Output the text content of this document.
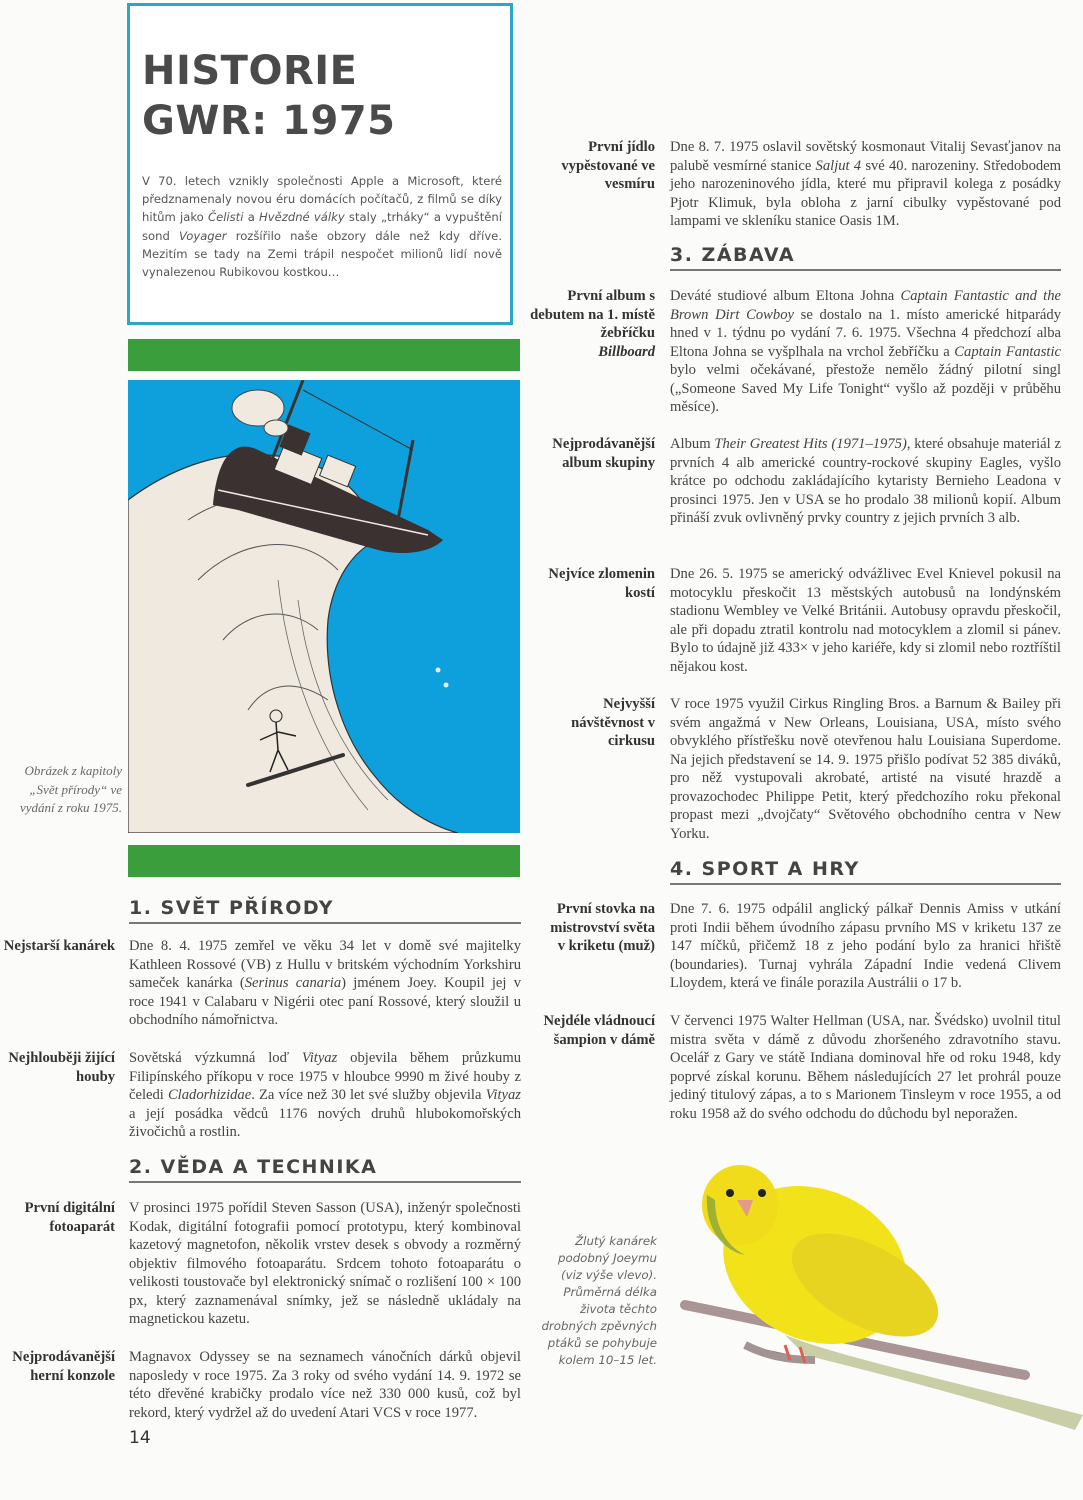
HISTORIE
GWR: 1975

V 70. letech vznikly společnosti Apple a Microsoft, které předznamenaly novou éru domácích počítačů, z filmů se díky hitům jako Čelisti a Hvězdné války staly „trháky“ a vypuštění sond Voyager rozšířilo naše obzory dále než kdy dříve. Mezitím se tady na Zemi trápil nespočet milionů lidí nově vynalezenou Rubikovou kostkou…

Obrázek z kapitoly „Svět přírody“ ve vydání z roku 1975.
1. SVĚT PŘÍRODY
Nejstarší kanárek Dne 8. 4. 1975 zemřel ve věku 34 let v domě své majitelky Kathleen Rossové (VB) z Hullu v britském východním Yorkshiru sameček kanárka (Serinus canaria) jménem Joey. Koupil jej v roce 1941 v Calabaru v Nigérii otec paní Rossové, který sloužil u obchodního námořnictva.
Nejhlouběji žijící houby
Sovětská výzkumná loď Vityaz objevila během průzkumu Filipínského příkopu v roce 1975 v hloubce 9990 m živé houby z čeledi Cladorhizidae. Za více než 30 let své služby objevila Vityaz a její posádka vědců 1176 nových druhů hlubokomořských živočichů a rostlin.
2. VĚDA A TECHNIKA
První digitální fotoaparát
V prosinci 1975 pořídil Steven Sasson (USA), inženýr společnosti Kodak, digitální fotografii pomocí prototypu, který kombinoval kazetový magnetofon, několik vrstev desek s obvody a rozměrný objektiv filmového fotoaparátu. Srdcem tohoto fotoaparátu o velikosti toustovače byl elektronický snímač o rozlišení 100 × 100 px, který zaznamenával snímky, jež se následně ukládaly na magnetickou kazetu.
Nejprodávanější herní konzole
Magnavox Odyssey se na seznamech vánočních dárků objevil naposledy v roce 1975. Za 3 roky od svého vydání 14. 9. 1972 se této dřevěné krabičky prodalo více než 330 000 kusů, což byl rekord, který vydržel až do uvedení Atari VCS v roce 1977.
14
První jídlo vypěstované ve vesmíru
Dne 8. 7. 1975 oslavil sovětský kosmonaut Vitalij Sevasťjanov na palubě vesmírné stanice Saljut 4 své 40. narozeniny. Středobodem jeho narozeninového jídla, které mu připravil kolega z posádky Pjotr Klimuk, byla obloha z jarní cibulky vypěstované pod lampami ve skleníku stanice Oasis 1M.
3. ZÁBAVA
První album s debutem na 1. místě žebříčku
Billboard
Deváté studiové album Eltona Johna Captain Fantastic and the Brown Dirt Cowboy se dostalo na 1. místo americké hitparády hned v 1. týdnu po vydání 7. 6. 1975. Všechna 4 předchozí alba Eltona Johna se vyšplhala na vrchol žebříčku a Captain Fantastic bylo velmi očekávané, přestože nemělo žádný pilotní singl („Someone Saved My Life Tonight“ vyšlo až později v průběhu měsíce).
Nejprodávanější album skupiny
Album Their Greatest Hits (1971–1975), které obsahuje materiál z prvních 4 alb americké country-rockové skupiny Eagles, vyšlo krátce po odchodu zakládajícího kytaristy Bernieho Leadona v prosinci 1975. Jen v USA se ho prodalo 38 milionů kopií. Album přináší zvuk ovlivněný prvky country z jejich prvních 3 alb.
Nejvíce zlomenin kostí
Dne 26. 5. 1975 se americký odvážlivec Evel Knievel pokusil na motocyklu přeskočit 13 městských autobusů na londýnském stadionu Wembley ve Velké Británii. Autobusy opravdu přeskočil, ale při dopadu ztratil kontrolu nad motocyklem a zlomil si pánev. Bylo to údajně již 433× v jeho kariéře, kdy si zlomil nebo roztříštil nějakou kost.
Nejvyšší návštěvnost v cirkusu
V roce 1975 využil Cirkus Ringling Bros. a Barnum & Bailey při svém angažmá v New Orleans, Louisiana, USA, místo svého obvyklého přístřešku nově otevřenou halu Louisiana Superdome. Na jejich představení se 14. 9. 1975 přišlo podívat 52 385 diváků, pro něž vystupovali akrobaté, artisté na visuté hrazdě a provazochodec Philippe Petit, který předchozího roku překonal propast mezi „dvojčaty“ Světového obchodního centra v New Yorku.
4. SPORT A HRY
První stovka na mistrovství světa v kriketu (muž)
Dne 7. 6. 1975 odpálil anglický pálkař Dennis Amiss v utkání proti Indii během úvodního zápasu prvního MS v kriketu 137 ze 147 míčků, přičemž 18 z jeho podání bylo za hranici hřiště (boundaries). Turnaj vyhrála Západní Indie vedená Clivem Lloydem, která ve finále porazila Austrálii o 17 b.
Nejdéle vládnoucí šampion v dámě
V červenci 1975 Walter Hellman (USA, nar. Švédsko) uvolnil titul mistra světa v dámě z důvodu zhoršeného zdravotního stavu. Ocelář z Gary ve státě Indiana dominoval hře od roku 1948, kdy poprvé získal korunu. Během následujících 27 let prohrál pouze jediný titulový zápas, a to s Marionem Tinsleym v roce 1955, a od roku 1958 až do svého odchodu do důchodu byl neporažen.
Žlutý kanárek podobný Joeymu (viz výše vlevo). Průměrná délka života těchto drobných zpěvných ptáků se pohybuje kolem 10–15 let.
